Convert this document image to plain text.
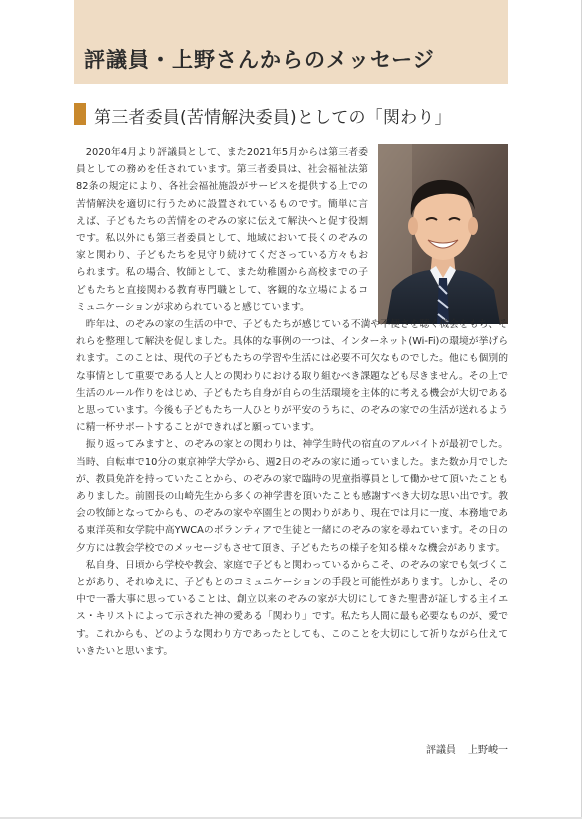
評議員・上野さんからのメッセージ
第三者委員(苦情解決委員)としての「関わり」

2020年4月より評議員として、また2021年5月からは第三者委員としての務めを任されています。第三者委員は、社会福祉法第82条の規定により、各社会福祉施設がサービスを提供する上での苦情解決を適切に行うために設置されているものです。簡単に言えば、子どもたちの苦情をのぞみの家に伝えて解決へと促す役割です。私以外にも第三者委員として、地域において長くのぞみの家と関わり、子どもたちを見守り続けてくださっている方々もおられます。私の場合、牧師として、また幼稚園から高校までの子どもたちと直接関わる教育専門職として、客観的な立場によるコミュニケーションが求められていると感じています。

昨年は、のぞみの家の生活の中で、子どもたちが感じている不満や不便さを聴く機会をもち、それらを整理して解決を促しました。具体的な事例の一つは、インターネット(Wi-Fi)の環境が挙げられます。このことは、現代の子どもたちの学習や生活には必要不可欠なものでした。他にも個別的な事情として重要である人と人との関わりにおける取り組むべき課題なども尽きません。その上で生活のルール作りをはじめ、子どもたち自身が自らの生活環境を主体的に考える機会が大切であると思っています。今後も子どもたち一人ひとりが平安のうちに、のぞみの家での生活が送れるように精一杯サポートすることができればと願っています。

振り返ってみますと、のぞみの家との関わりは、神学生時代の宿直のアルバイトが最初でした。当時、自転車で10分の東京神学大学から、週2日のぞみの家に通っていました。また数か月でしたが、教員免許を持っていたことから、のぞみの家で臨時の児童指導員として働かせて頂いたこともありました。前園長の山崎先生から多くの神学書を頂いたことも感謝すべき大切な思い出です。教会の牧師となってからも、のぞみの家や卒園生との関わりがあり、現在では月に一度、本務地である東洋英和女学院中高YWCAのボランティアで生徒と一緒にのぞみの家を尋ねています。その日の夕方には教会学校でのメッセージもさせて頂き、子どもたちの様子を知る様々な機会があります。

私自身、日頃から学校や教会、家庭で子どもと関わっているからこそ、のぞみの家でも気づくことがあり、それゆえに、子どもとのコミュニケーションの手段と可能性があります。しかし、その中で一番大事に思っていることは、創立以来のぞみの家が大切にしてきた聖書が証しする主イエス・キリストによって示された神の愛ある「関わり」です。私たち人間に最も必要なものが、愛です。これからも、どのような関わり方であったとしても、このことを大切にして祈りながら仕えていきたいと思います。

評議員 上野峻一
